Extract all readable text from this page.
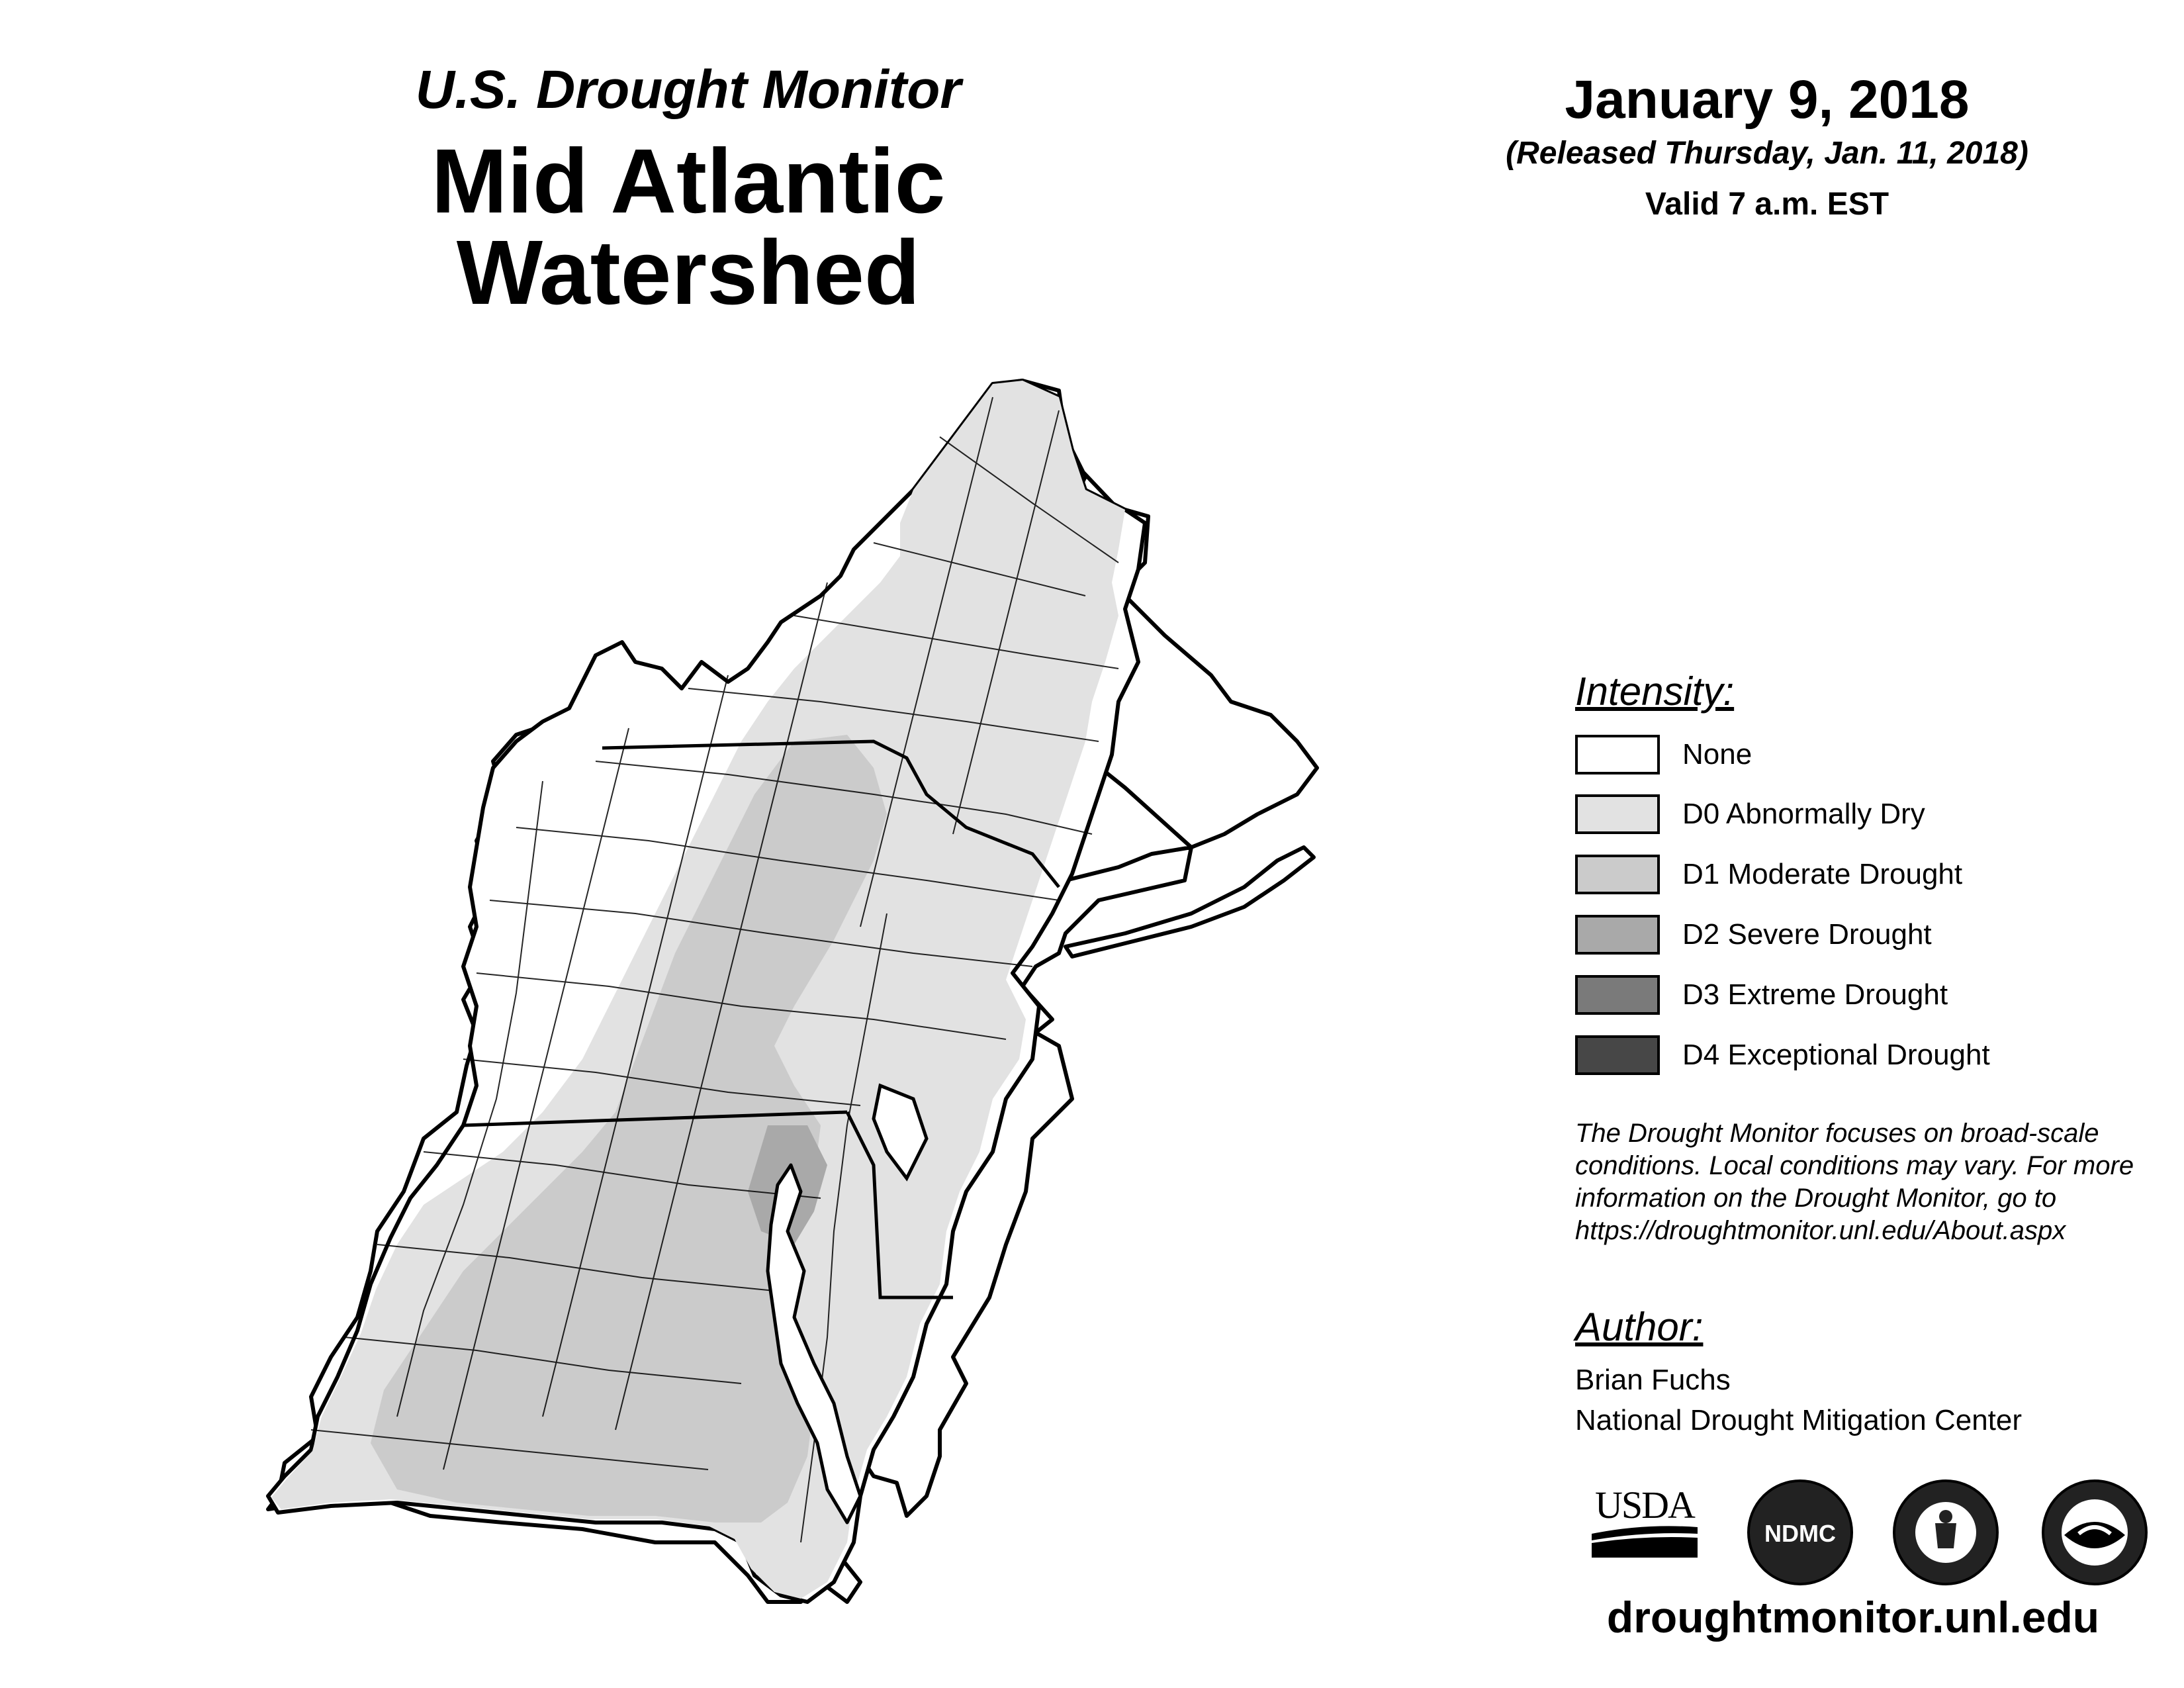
U.S. Drought Monitor
Mid Atlantic Watershed
January 9, 2018
(Released Thursday, Jan. 11, 2018)
Valid 7 a.m. EST
Intensity:
None
D0 Abnormally Dry
D1 Moderate Drought
D2 Severe Drought
D3 Extreme Drought
D4 Exceptional Drought
The Drought Monitor focuses on broad-scale
conditions. Local conditions may vary. For more
information on the Drought Monitor, go to
https://droughtmonitor.unl.edu/About.aspx
Author:
Brian Fuchs
National Drought Mitigation Center
USDA
NDMC
droughtmonitor.unl.edu
